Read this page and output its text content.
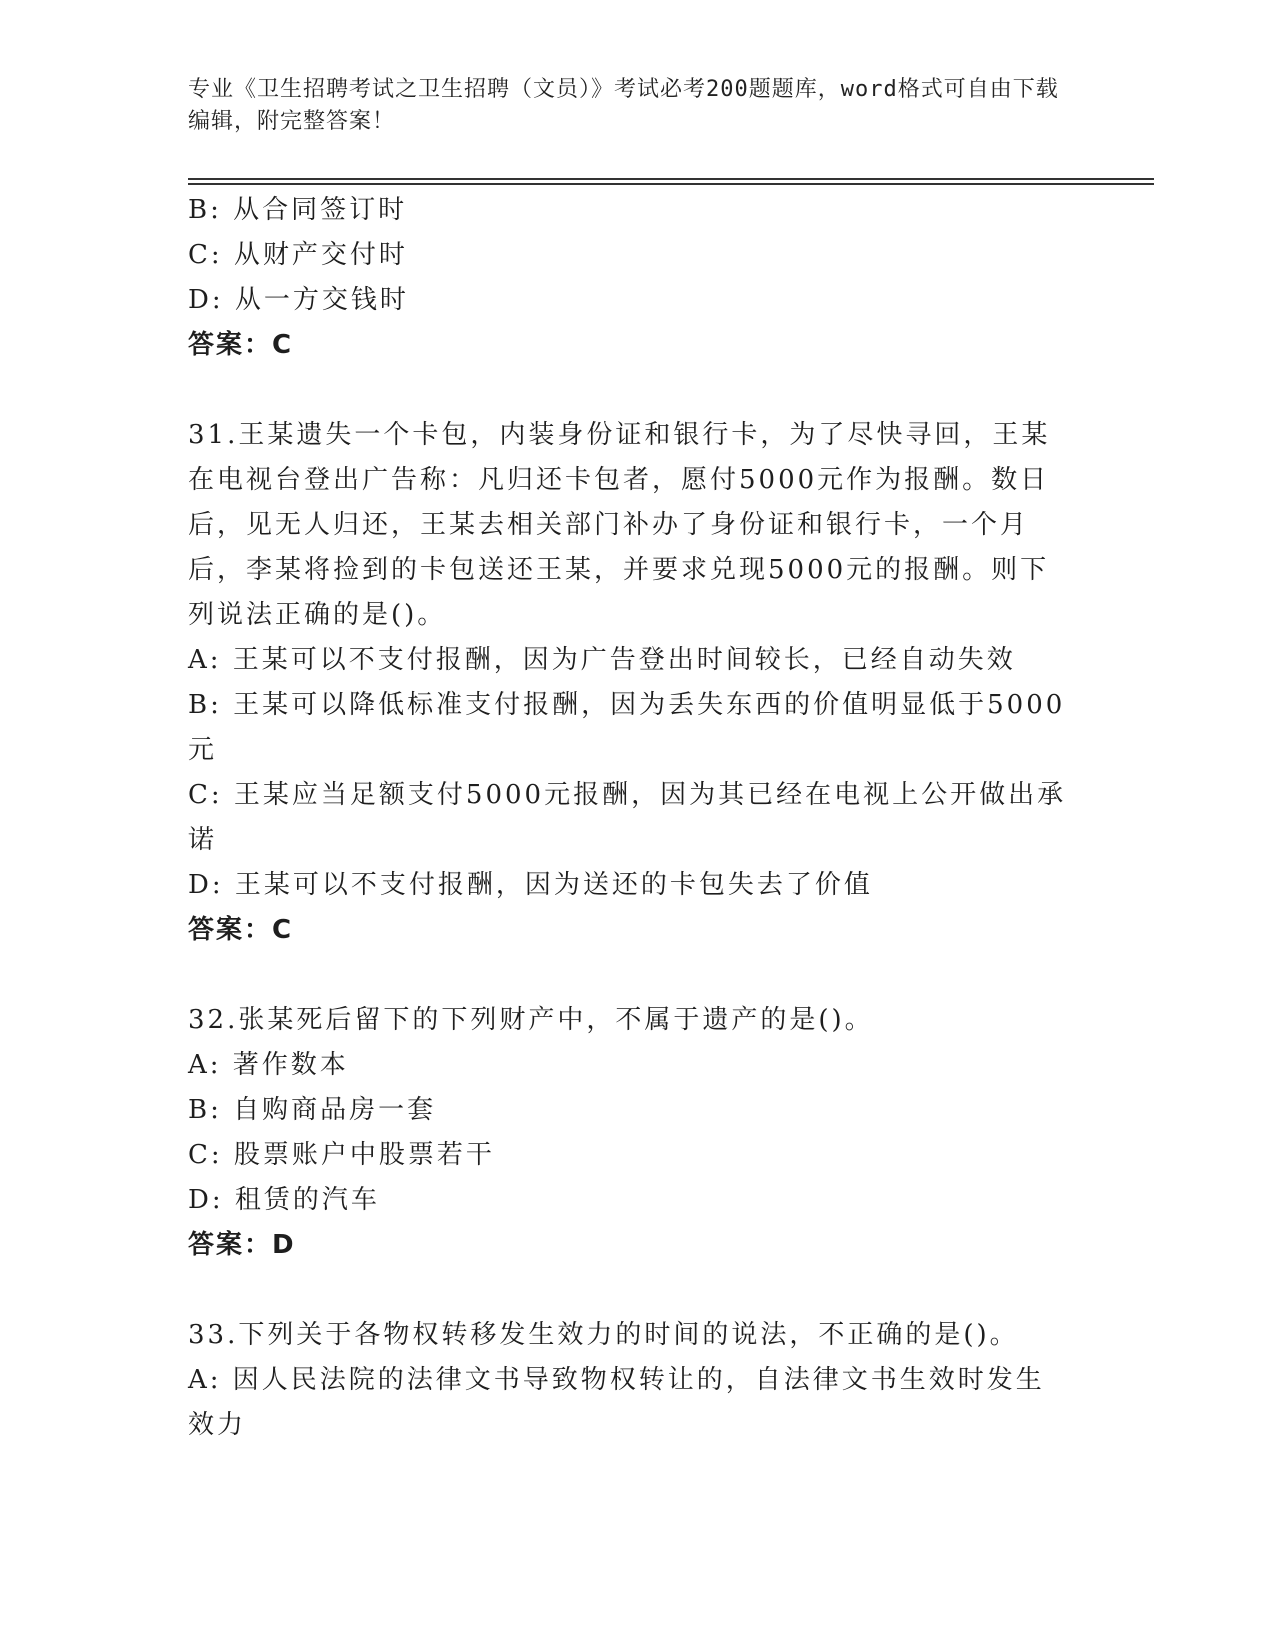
专业《卫生招聘考试之卫生招聘（文员）》考试必考200题题库，word格式可自由下载编辑，附完整答案！
B: 从合同签订时
C: 从财产交付时
D: 从一方交钱时
答案：C
31.王某遗失一个卡包，内装身份证和银行卡，为了尽快寻回，王某在电视台登出广告称：凡归还卡包者，愿付5000元作为报酬。数日后，见无人归还，王某去相关部门补办了身份证和银行卡，一个月后，李某将捡到的卡包送还王某，并要求兑现5000元的报酬。则下列说法正确的是()。
A: 王某可以不支付报酬，因为广告登出时间较长，已经自动失效
B: 王某可以降低标准支付报酬，因为丢失东西的价值明显低于5000元
C: 王某应当足额支付5000元报酬，因为其已经在电视上公开做出承诺
D: 王某可以不支付报酬，因为送还的卡包失去了价值
答案：C
32.张某死后留下的下列财产中，不属于遗产的是()。
A: 著作数本
B: 自购商品房一套
C: 股票账户中股票若干
D: 租赁的汽车
答案：D
33.下列关于各物权转移发生效力的时间的说法，不正确的是()。
A: 因人民法院的法律文书导致物权转让的，自法律文书生效时发生效力
